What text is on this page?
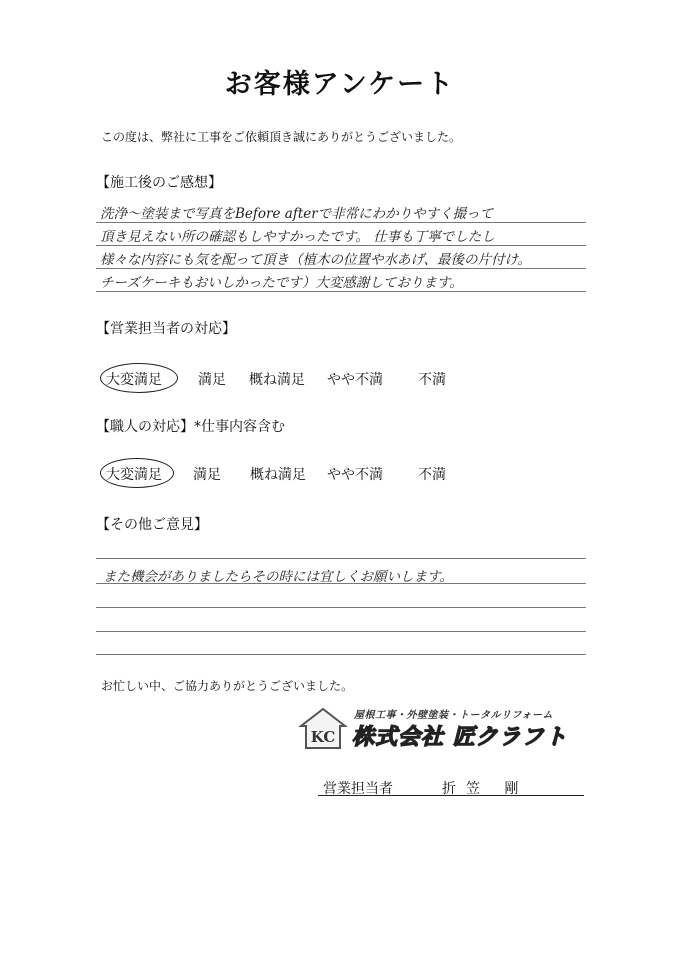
お客様アンケート
この度は、弊社に工事をご依頼頂き誠にありがとうございました。
【施工後のご感想】
洗浄～塗装まで写真をBefore afterで非常にわかりやすく撮って
頂き見えない所の確認もしやすかったです。 仕事も丁寧でしたし
様々な内容にも気を配って頂き（植木の位置や水あげ、最後の片付け。
チーズケーキもおいしかったです）大変感謝しております。
【営業担当者の対応】
大変満足	満足 概ね満足 やや不満	不満
【職人の対応】*仕事内容含む
大変満足 満足 概ね満足 やや不満	不満
【その他ご意見】
また機会がありましたらその時には宜しくお願いします。
お忙しい中、ご協力ありがとうございました。
KC
屋根工事・外壁塗装・トータルリフォーム
株式会社 匠クラフト
営業担当者	折笠 剛
